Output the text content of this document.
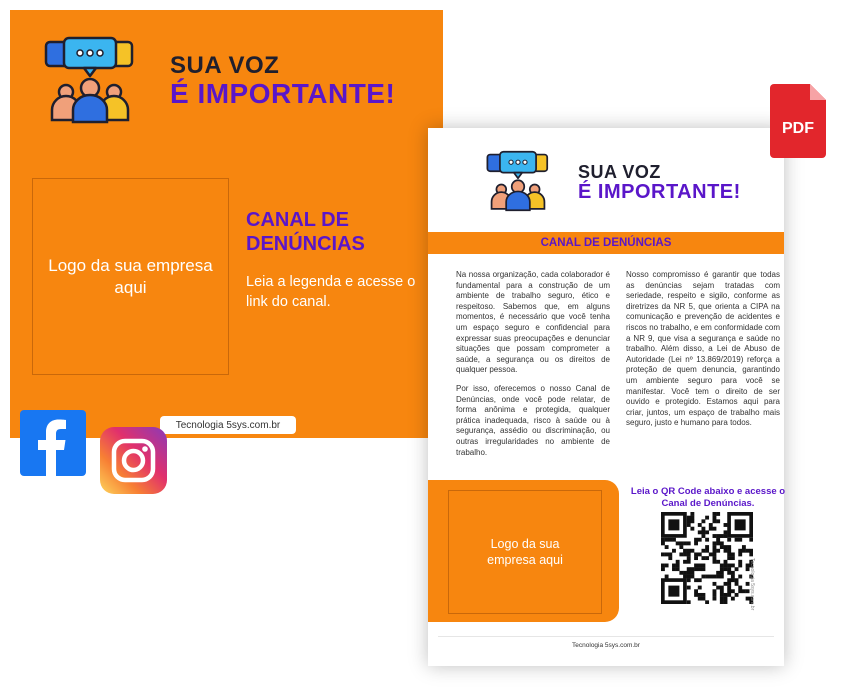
SUA VOZ
É IMPORTANTE!
CANAL DE
DENÚNCIAS
Leia a legenda e acesse o link do canal.
Logo da sua empresa aqui
Tecnologia 5sys.com.br
SUA VOZ
É IMPORTANTE!
CANAL DE DENÚNCIAS

Na nossa organização, cada colaborador é fundamental para a construção de um ambiente de trabalho seguro, ético e respeitoso. Sabemos que, em alguns momentos, é necessário que você tenha um espaço seguro e confidencial para expressar suas preocupações e denunciar situações que possam comprometer a saúde, a segurança ou os direitos de qualquer pessoa.

Por isso, oferecemos o nosso Canal de Denúncias, onde você pode relatar, de forma anônima e protegida, qualquer prática inadequada, risco à saúde ou à segurança, assédio ou discriminação, ou outras irregularidades no ambiente de trabalho.

Nosso compromisso é garantir que todas as denúncias sejam tratadas com seriedade, respeito e sigilo, conforme as diretrizes da NR 5, que orienta a CIPA na comunicação e prevenção de acidentes e riscos no trabalho, e em conformidade com a NR 9, que visa a segurança e saúde no trabalho. Além disso, a Lei de Abuso de Autoridade (Lei nº 13.869/2019) reforça a proteção de quem denuncia, garantindo um ambiente seguro para você se manifestar. Você tem o direito de ser ouvido e protegido. Estamos aqui para criar, juntos, um espaço de trabalho mais seguro, justo e humano para todos.

Logo da sua empresa aqui
Leia o QR Code abaixo e acesse o Canal de Denúncias.
Tecnologia 5sys.com.br
Tecnologia 5sys.com.br
PDF
